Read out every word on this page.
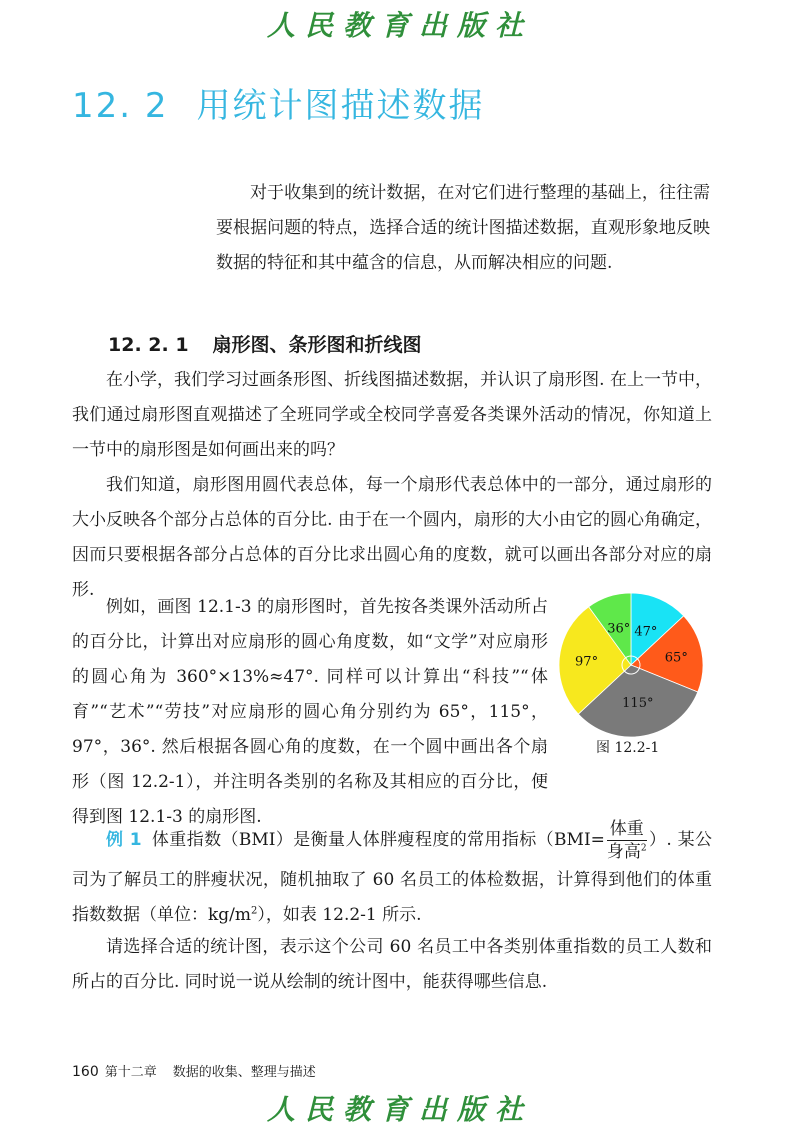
人民教育出版社
12. 2 用统计图描述数据
对于收集到的统计数据，在对它们进行整理的基础上，往往需要根据问题的特点，选择合适的统计图描述数据，直观形象地反映数据的特征和其中蕴含的信息，从而解决相应的问题.
12. 2. 1 扇形图、条形图和折线图

在小学，我们学习过画条形图、折线图描述数据，并认识了扇形图. 在上一节中，我们通过扇形图直观描述了全班同学或全校同学喜爱各类课外活动的情况，你知道上一节中的扇形图是如何画出来的吗？

我们知道，扇形图用圆代表总体，每一个扇形代表总体中的一部分，通过扇形的大小反映各个部分占总体的百分比. 由于在一个圆内，扇形的大小由它的圆心角确定，因而只要根据各部分占总体的百分比求出圆心角的度数，就可以画出各部分对应的扇形.

例如，画图 12.1-3 的扇形图时，首先按各类课外活动所占的百分比，计算出对应扇形的圆心角度数，如“文学”对应扇形的圆心角为 360°×13%≈47°. 同样可以计算出“科技”“体育”“艺术”“劳技”对应扇形的圆心角分别约为 65°，115°，97°，36°. 然后根据各圆心角的度数，在一个圆中画出各个扇形（图 12.2-1），并注明各类别的名称及其相应的百分比，便得到图 12.1-3 的扇形图.

47°
65°
115°
97°
36°
图 12.2-1

例 1 体重指数（BMI）是衡量人体胖瘦程度的常用指标（$BMI= \frac{\text{体重}}{身高^2}$ ）. 某公司为了解员工的胖瘦状况，随机抽取了 60 名员工的体检数据，计算得到他们的体重指数数据（单位：$kg/m^2$），如表 12.2-1 所示.

请选择合适的统计图，表示这个公司 60 名员工中各类别体重指数的员工人数和所占的百分比. 同时说一说从绘制的统计图中，能获得哪些信息.

160 第十二章 数据的收集、整理与描述
人民教育出版社
